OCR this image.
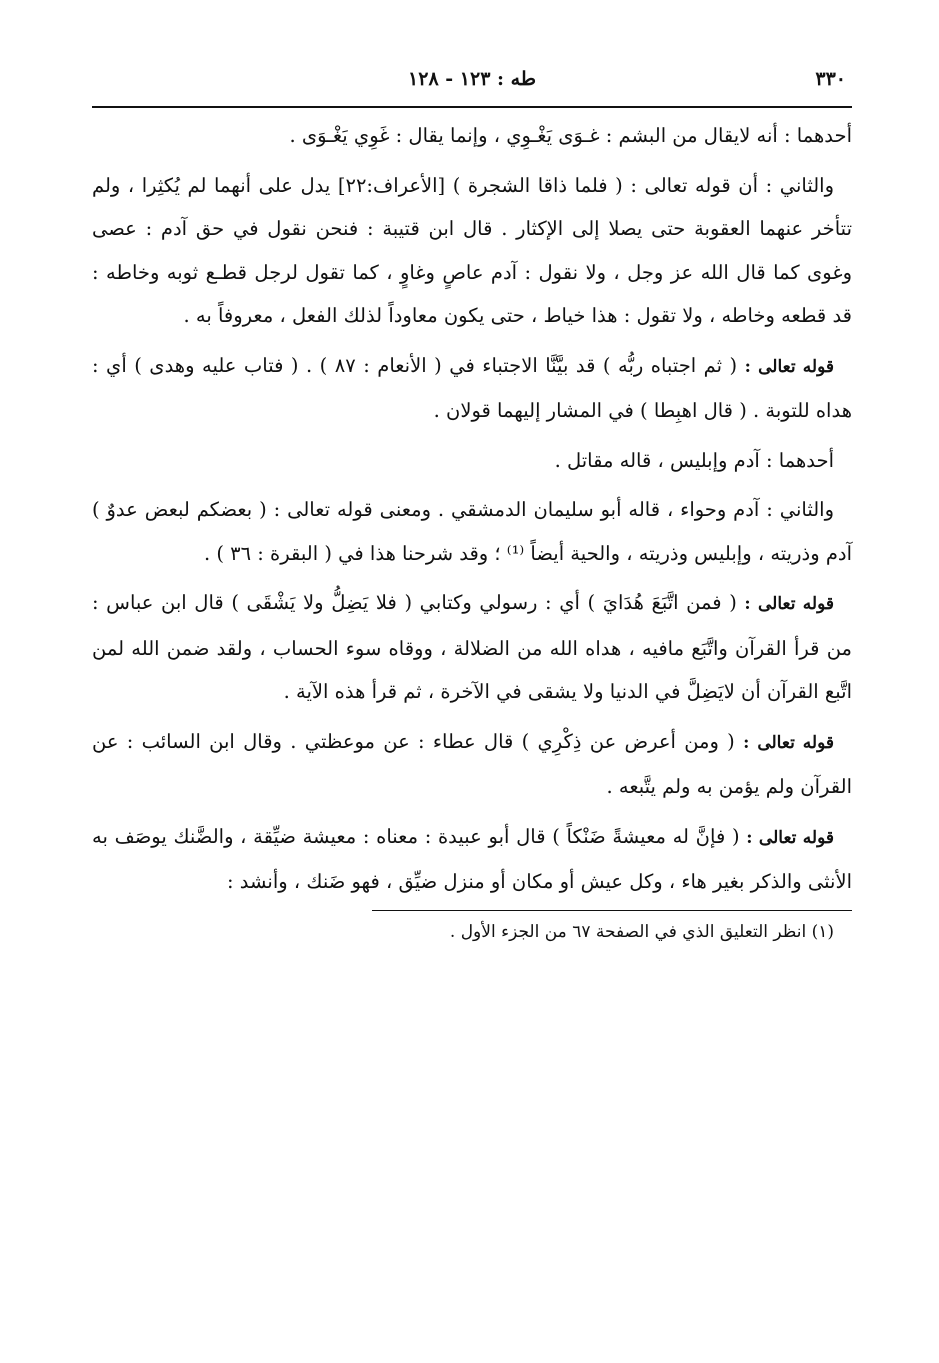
٣٣٠
طه : ١٢٣ - ١٢٨

أحدهما : أنه لايقال من البشم : غـوَى يَغْـوِي ، وإنما يقال : غَوِي يَغْـوَى .

والثاني : أن قوله تعالى : ( فلما ذاقا الشجرة ) [الأعراف:٢٢] يدل على أنهما لم يُكثِرا ، ولم تتأخر عنهما العقوبة حتى يصلا إلى الإكثار . قال ابن قتيبة : فنحن نقول في حق آدم : عصى وغوى كما قال الله عز وجل ، ولا نقول : آدم عاصٍ وغاوٍ ، كما تقول لرجل قطـع ثوبه وخاطه : قد قطعه وخاطه ، ولا تقول : هذا خياط ، حتى يكون معاوداً لذلك الفعل ، معروفاً به .

قوله تعالى : ( ثم اجتباه ربُّه ) قد بيَّنَّا الاجتباء في ( الأنعام : ٨٧ ) . ( فتاب عليه وهدى ) أي : هداه للتوبة . ( قال اهبِطا ) في المشار إليهما قولان .

أحدهما : آدم وإبليس ، قاله مقاتل .

والثاني : آدم وحواء ، قاله أبو سليمان الدمشقي . ومعنى قوله تعالى : ( بعضكم لبعض عدوٌ ) آدم وذريته ، وإبليس وذريته ، والحية أيضاً ⁽¹⁾ ؛ وقد شرحنا هذا في ( البقرة : ٣٦ ) .

قوله تعالى : ( فمن اتَّبَعَ هُدَايَ ) أي : رسولي وكتابي ( فلا يَضِلُّ ولا يَشْقَى ) قال ابن عباس : من قرأ القرآن واتَّبَع مافيه ، هداه الله من الضلالة ، ووقاه سوء الحساب ، ولقد ضمن الله لمن اتَّبع القرآن أن لايَضِلَّ في الدنيا ولا يشقى في الآخرة ، ثم قرأ هذه الآية .

قوله تعالى : ( ومن أعرض عن ذِكْرِي ) قال عطاء : عن موعظتي . وقال ابن السائب : عن القرآن ولم يؤمن به ولم يتَّبعه .

قوله تعالى : ( فإنَّ له معيشةً ضَنْكاً ) قال أبو عبيدة : معناه : معيشة ضيِّقة ، والضَّنك يوصَف به الأنثى والذكر بغير هاء ، وكل عيش أو مكان أو منزل ضيِّق ، فهو ضَنك ، وأنشد :

(١) انظر التعليق الذي في الصفحة ٦٧ من الجزء الأول .
